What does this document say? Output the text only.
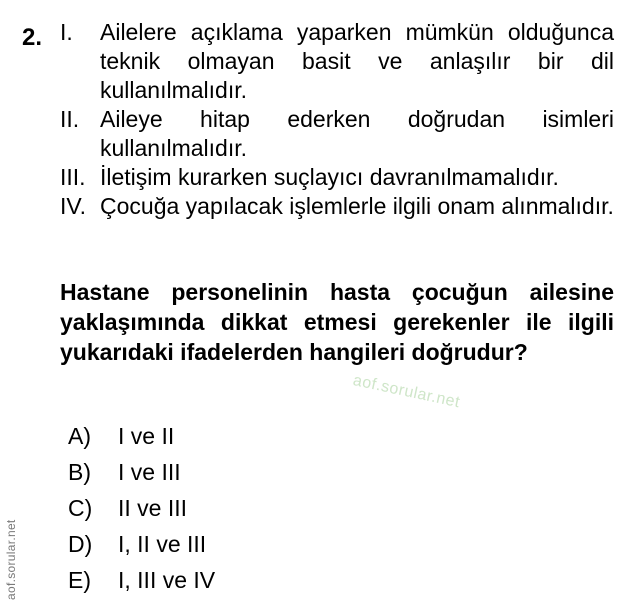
2. I. Ailelere açıklama yaparken mümkün olduğunca teknik olmayan basit ve anlaşılır bir dil kullanılmalıdır.
II. Aileye hitap ederken doğrudan isimleri kullanılmalıdır.
III. İletişim kurarken suçlayıcı davranılmamalıdır.
IV. Çocuğa yapılacak işlemlerle ilgili onam alınmalıdır.
Hastane personelinin hasta çocuğun ailesine yaklaşımında dikkat etmesi gerekenler ile ilgili yukarıdaki ifadelerden hangileri doğrudur?
aof.sorular.net
A)	I ve II
B)	I ve III
C)	II ve III
D)	I, II ve III
E)	I, III ve IV
aof.sorular.net
